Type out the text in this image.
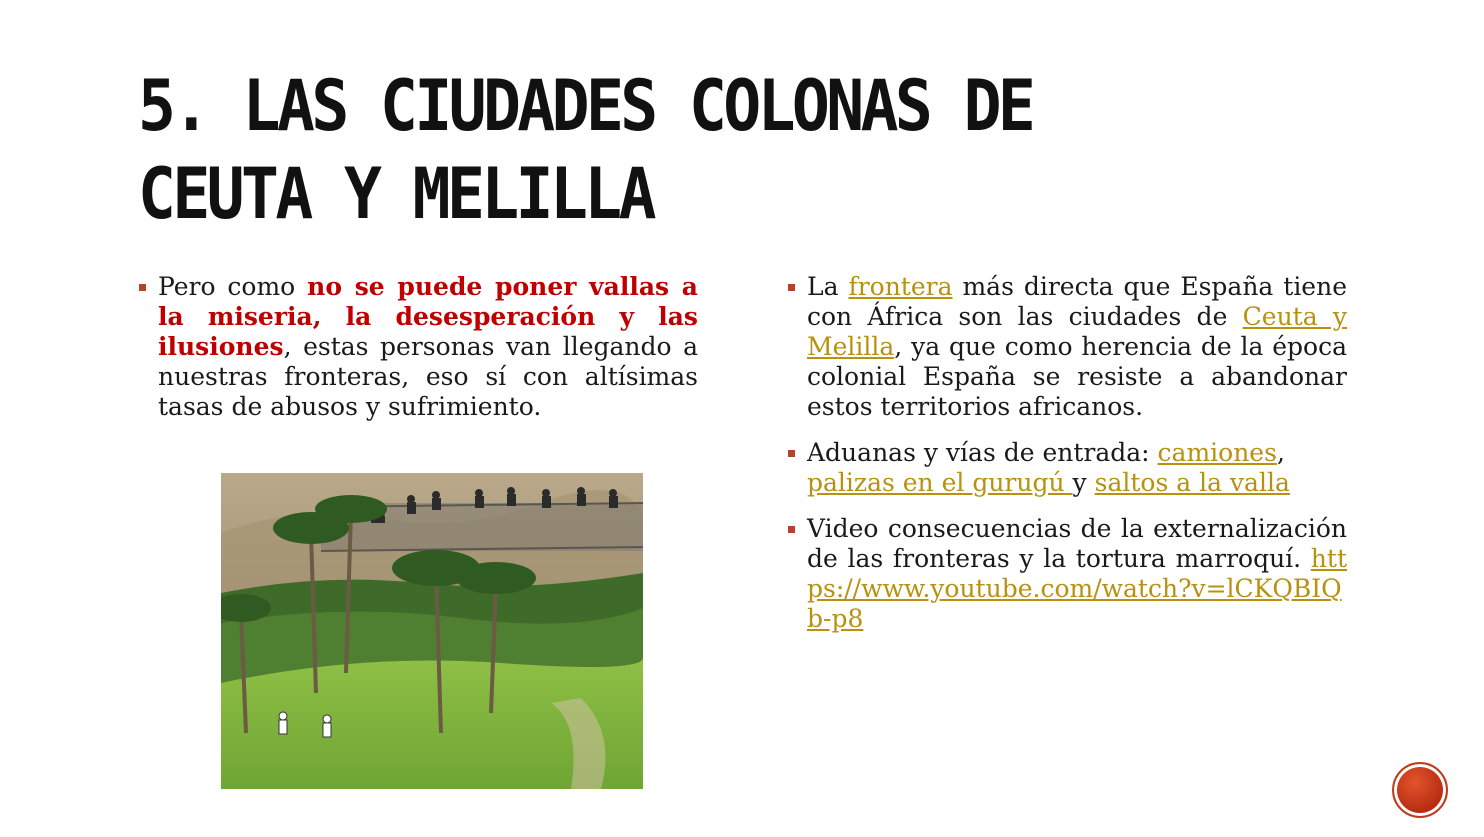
5. LAS CIUDADES COLONAS DE CEUTA Y MELILLA
Pero como no se puede poner vallas a la miseria, la desesperación y las ilusiones, estas personas van llegando a nuestras fronteras, eso sí con altísimas tasas de abusos y sufrimiento.
La frontera más directa que España tiene con África son las ciudades de Ceuta y Melilla, ya que como herencia de la época colonial España se resiste a abandonar estos territorios africanos.
Aduanas y vías de entrada: camiones, palizas en el gurugú y saltos a la valla
Video consecuencias de la externalización de las fronteras y la tortura marroquí. https://www.youtube.com/watch?v=lCKQBIQb-p8
